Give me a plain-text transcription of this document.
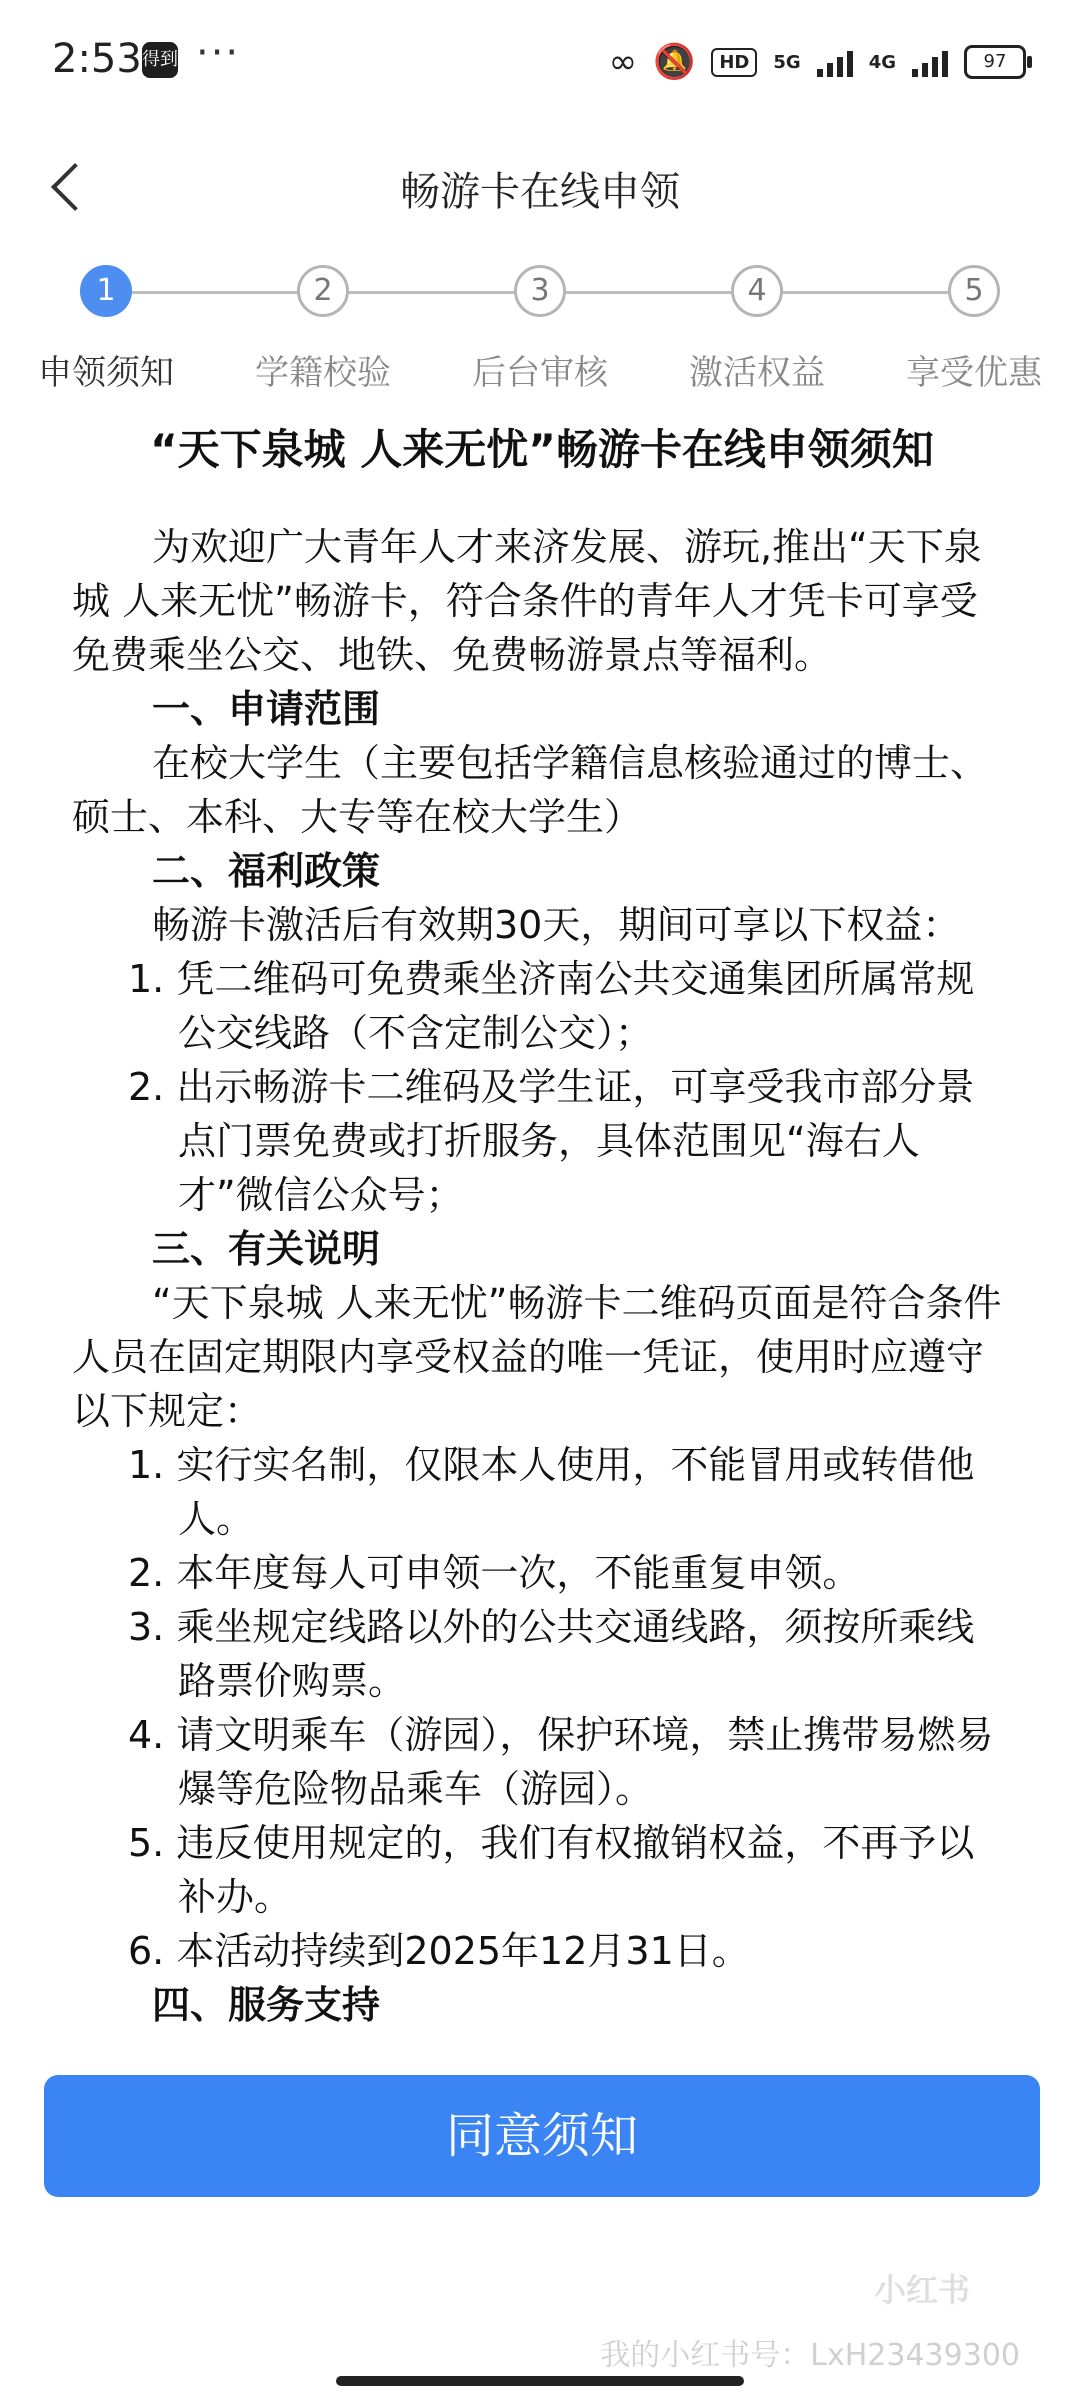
2:53 得到 ···	∞ 🔕	HD	5G	4G	97
畅游卡在线申领
1
申领须知
2
学籍校验
3
后台审核
4
激活权益
5
享受优惠
“天下泉城 人来无忧”畅游卡在线申领须知

为欢迎广大青年人才来济发展、游玩,推出“天下泉城 人来无忧”畅游卡，符合条件的青年人才凭卡可享受免费乘坐公交、地铁、免费畅游景点等福利。

一、申请范围

在校大学生（主要包括学籍信息核验通过的博士、硕士、本科、大专等在校大学生）

二、福利政策

畅游卡激活后有效期30天，期间可享以下权益：

1. 凭二维码可免费乘坐济南公共交通集团所属常规公交线路（不含定制公交）；

2. 出示畅游卡二维码及学生证，可享受我市部分景点门票免费或打折服务，具体范围见“海右人才”微信公众号；

三、有关说明

“天下泉城 人来无忧”畅游卡二维码页面是符合条件人员在固定期限内享受权益的唯一凭证，使用时应遵守以下规定：

1. 实行实名制，仅限本人使用，不能冒用或转借他人。

2. 本年度每人可申领一次，不能重复申领。

3. 乘坐规定线路以外的公共交通线路，须按所乘线路票价购票。

4. 请文明乘车（游园），保护环境，禁止携带易燃易爆等危险物品乘车（游园）。

5. 违反使用规定的，我们有权撤销权益，不再予以补办。

6. 本活动持续到2025年12月31日。

四、服务支持

同意须知
小红书
我的小红书号：LxH23439300
